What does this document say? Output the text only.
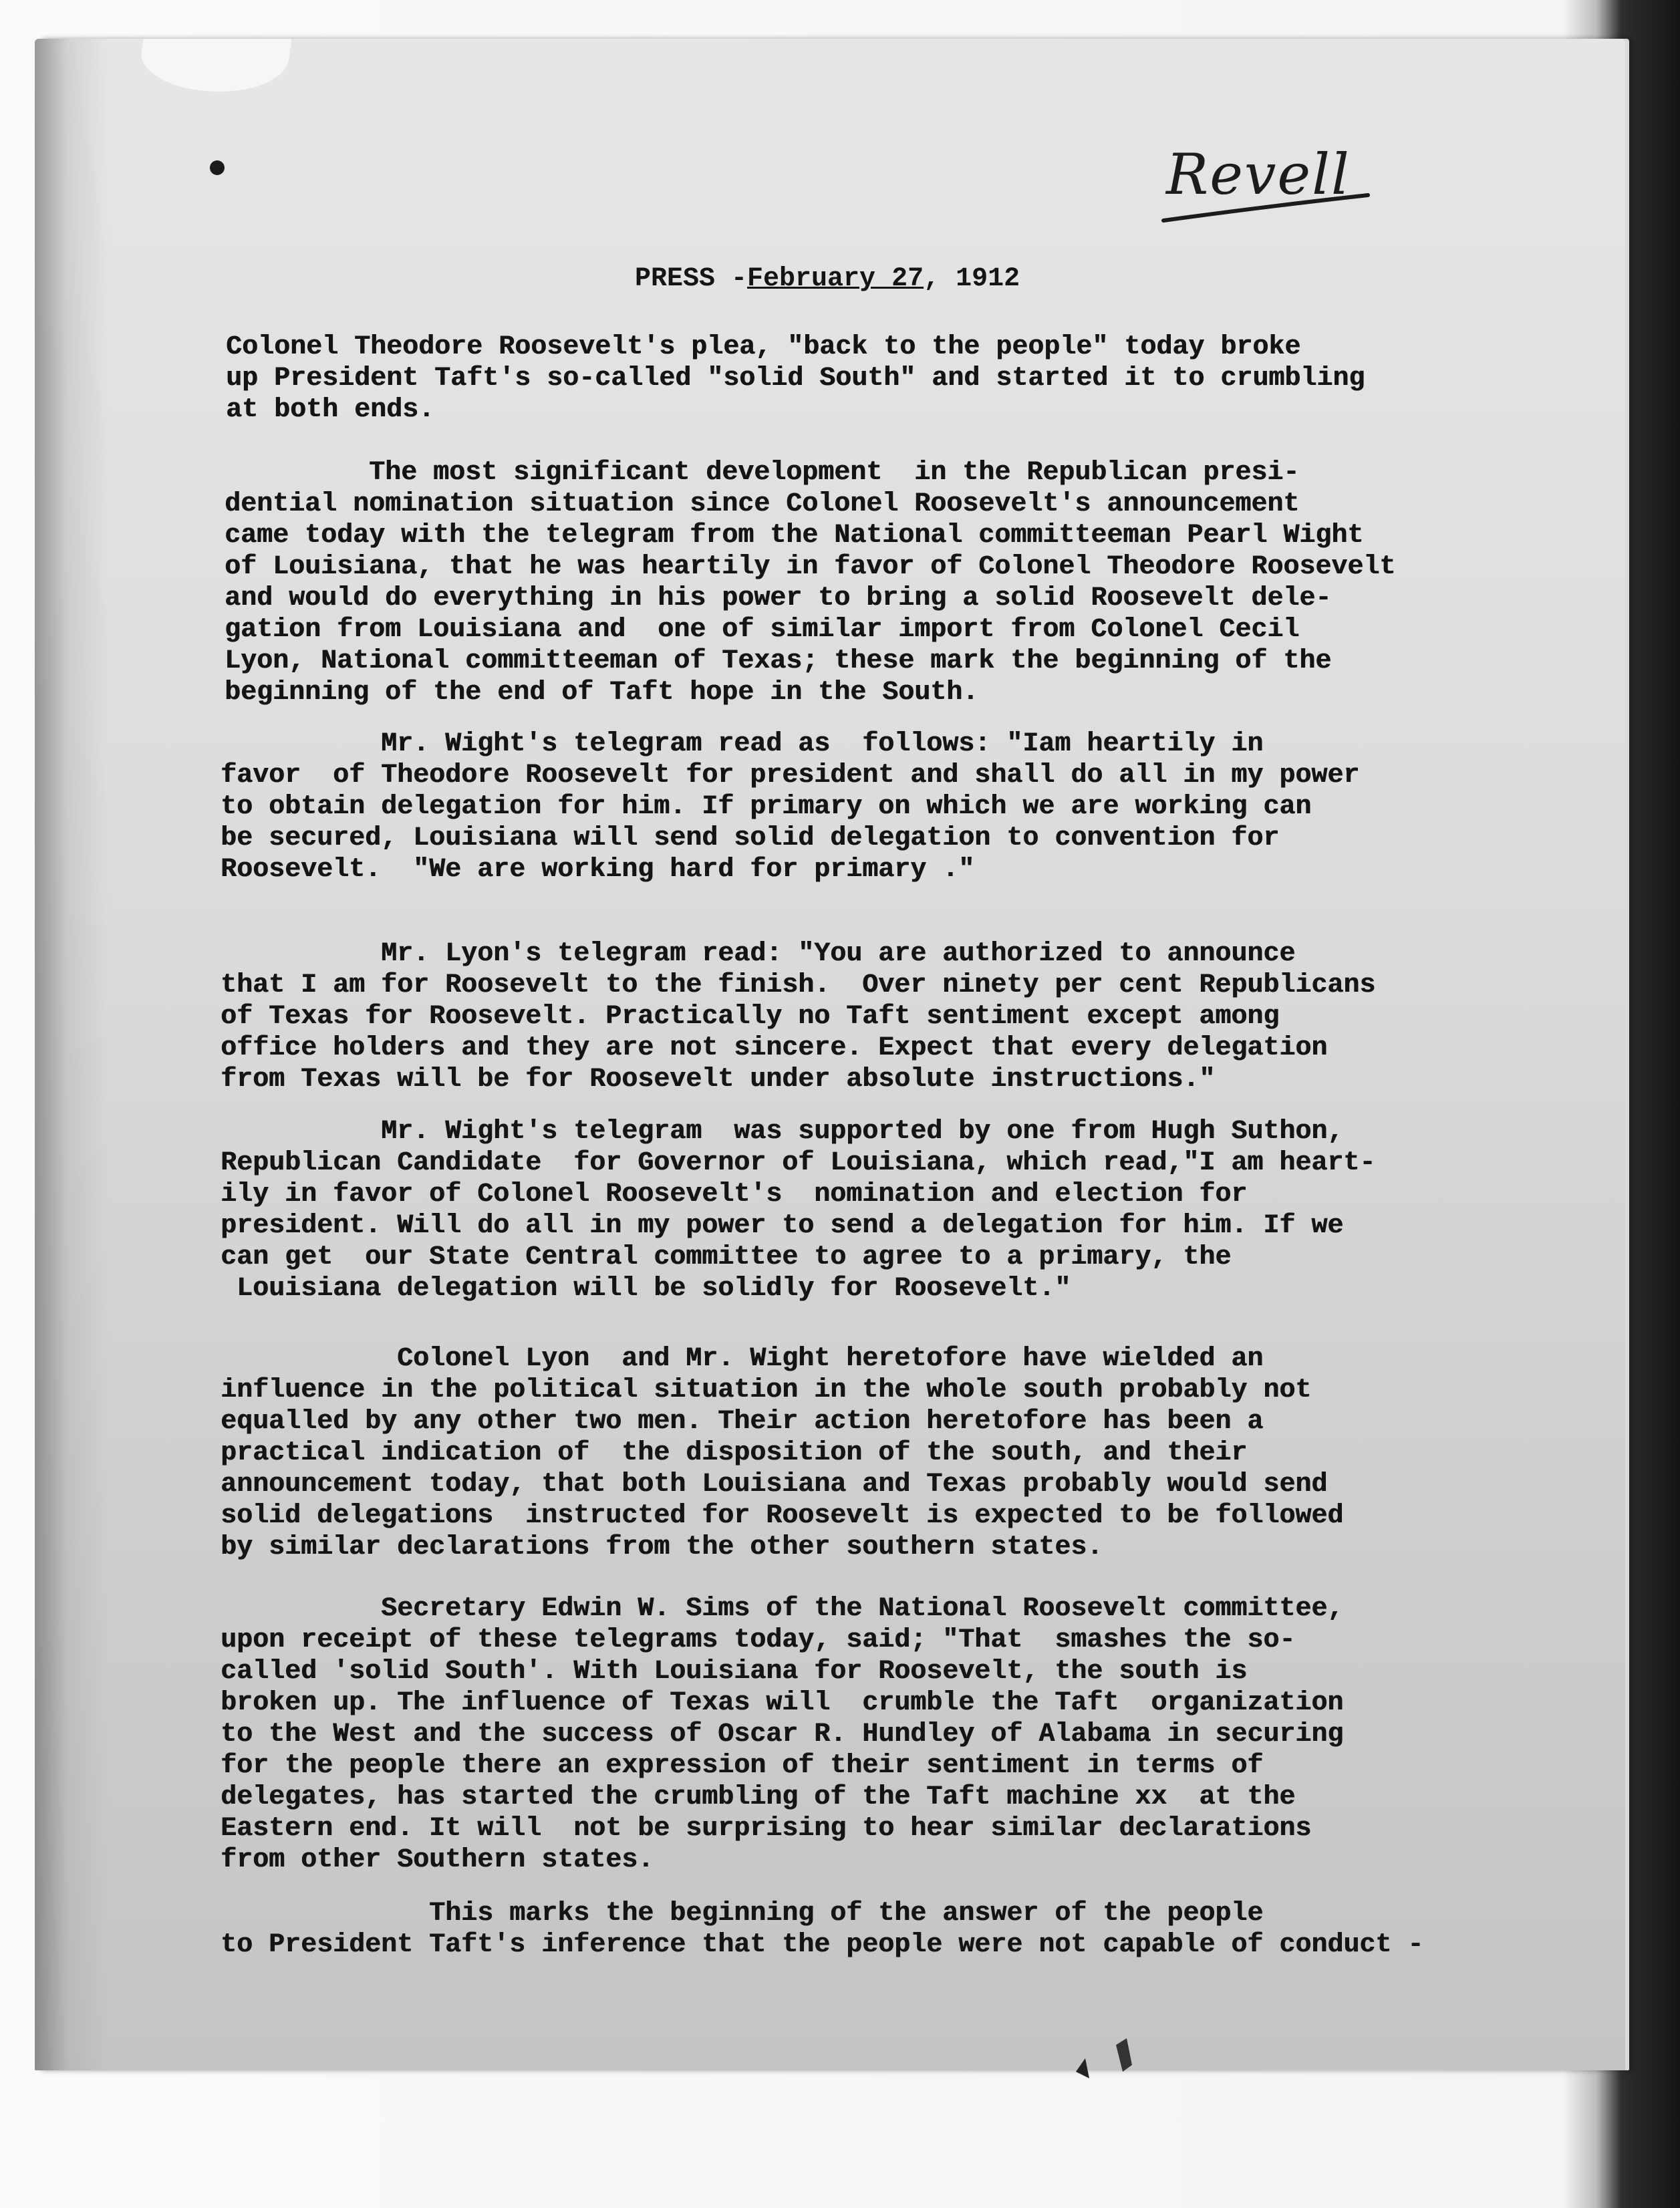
Revell
PRESS -February 27, 1912
Colonel Theodore Roosevelt's plea, "back to the people" today broke
up President Taft's so-called "solid South" and started it to crumbling
at both ends.
The most significant development  in the Republican presi-
dential nomination situation since Colonel Roosevelt's announcement
came today with the telegram from the National committeeman Pearl Wight
of Louisiana, that he was heartily in favor of Colonel Theodore Roosevelt
and would do everything in his power to bring a solid Roosevelt dele-
gation from Louisiana and  one of similar import from Colonel Cecil
Lyon, National committeeman of Texas; these mark the beginning of the
beginning of the end of Taft hope in the South.
Mr. Wight's telegram read as  follows: "Iam heartily in
favor  of Theodore Roosevelt for president and shall do all in my power
to obtain delegation for him. If primary on which we are working can
be secured, Louisiana will send solid delegation to convention for
Roosevelt.  "We are working hard for primary ."
Mr. Lyon's telegram read: "You are authorized to announce
that I am for Roosevelt to the finish.  Over ninety per cent Republicans
of Texas for Roosevelt. Practically no Taft sentiment except among
office holders and they are not sincere. Expect that every delegation
from Texas will be for Roosevelt under absolute instructions."
Mr. Wight's telegram  was supported by one from Hugh Suthon,
Republican Candidate  for Governor of Louisiana, which read,"I am heart-
ily in favor of Colonel Roosevelt's  nomination and election for
president. Will do all in my power to send a delegation for him. If we
can get  our State Central committee to agree to a primary, the
Louisiana delegation will be solidly for Roosevelt."
Colonel Lyon  and Mr. Wight heretofore have wielded an
influence in the political situation in the whole south probably not
equalled by any other two men. Their action heretofore has been a
practical indication of  the disposition of the south, and their
announcement today, that both Louisiana and Texas probably would send
solid delegations  instructed for Roosevelt is expected to be followed
by similar declarations from the other southern states.
Secretary Edwin W. Sims of the National Roosevelt committee,
upon receipt of these telegrams today, said; "That  smashes the so-
called 'solid South'. With Louisiana for Roosevelt, the south is
broken up. The influence of Texas will  crumble the Taft  organization
to the West and the success of Oscar R. Hundley of Alabama in securing
for the people there an expression of their sentiment in terms of
delegates, has started the crumbling of the Taft machine xx  at the
Eastern end. It will  not be surprising to hear similar declarations
from other Southern states.
This marks the beginning of the answer of the people
to President Taft's inference that the people were not capable of conduct -
